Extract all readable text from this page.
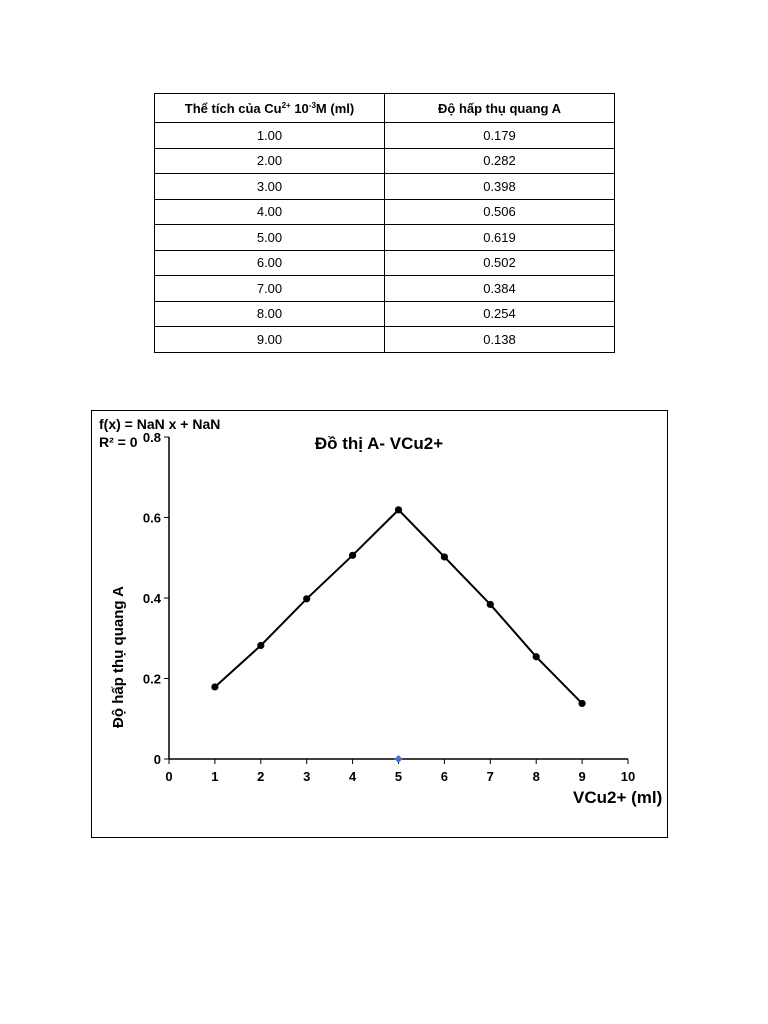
Thể tích của $Cu^{2+}$ $10^{-3}M$ (ml)	Độ hấp thụ quang A
1.00	0.179
2.00	0.282
3.00	0.398
4.00	0.506
5.00	0.619
6.00	0.502
7.00	0.384
8.00	0.254
9.00	0.138
Đồ thị A- VCu2+
f(x) = NaN x + NaN
R² = 0
VCu2+ (ml)
Độ hấp thụ quang A
0	1	2	3	4	5	6	7	8	9	10
0
0.2
0.4
0.6
0.8
